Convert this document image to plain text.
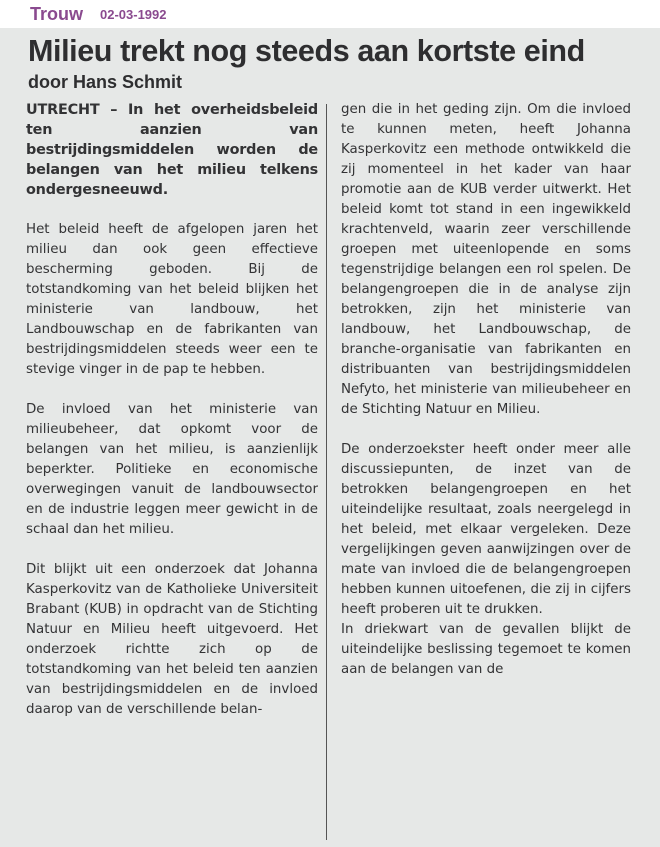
Trouw 02-03-1992
Milieu trekt nog steeds aan kortste eind
door Hans Schmit

UTRECHT – In het overheidsbeleid ten aanzien van bestrijdingsmiddelen worden de belangen van het milieu telkens ondergesneeuwd.

Het beleid heeft de afgelopen jaren het milieu dan ook geen effectieve bescherming geboden. Bij de totstandkoming van het beleid blijken het ministerie van landbouw, het Landbouwschap en de fabrikanten van bestrijdingsmiddelen steeds weer een te stevige vinger in de pap te hebben.

De invloed van het ministerie van milieubeheer, dat opkomt voor de belangen van het milieu, is aanzienlijk beperkter. Politieke en economische overwegingen vanuit de landbouwsector en de industrie leggen meer gewicht in de schaal dan het milieu.

Dit blijkt uit een onderzoek dat Johanna Kasperkovitz van de Katholieke Universiteit Brabant (KUB) in opdracht van de Stichting Natuur en Milieu heeft uitgevoerd. Het onderzoek richtte zich op de totstandkoming van het beleid ten aanzien van bestrijdingsmiddelen en de invloed daarop van de verschillende belan-

gen die in het geding zijn. Om die invloed te kunnen meten, heeft Johanna Kasperkovitz een methode ontwikkeld die zij momenteel in het kader van haar promotie aan de KUB verder uitwerkt. Het beleid komt tot stand in een ingewikkeld krachtenveld, waarin zeer verschillende groepen met uiteenlopende en soms tegenstrijdige belangen een rol spelen. De belangengroepen die in de analyse zijn betrokken, zijn het ministerie van landbouw, het Landbouwschap, de branche-organisatie van fabrikanten en distribuanten van bestrijdingsmiddelen Nefyto, het ministerie van milieubeheer en de Stichting Natuur en Milieu.

De onderzoekster heeft onder meer alle discussiepunten, de inzet van de betrokken belangengroepen en het uiteindelijke resultaat, zoals neergelegd in het beleid, met elkaar vergeleken. Deze vergelijkingen geven aanwijzingen over de mate van invloed die de belangengroepen hebben kunnen uitoefenen, die zij in cijfers heeft proberen uit te drukken.

In driekwart van de gevallen blijkt de uiteindelijke beslissing tegemoet te komen aan de belangen van de
